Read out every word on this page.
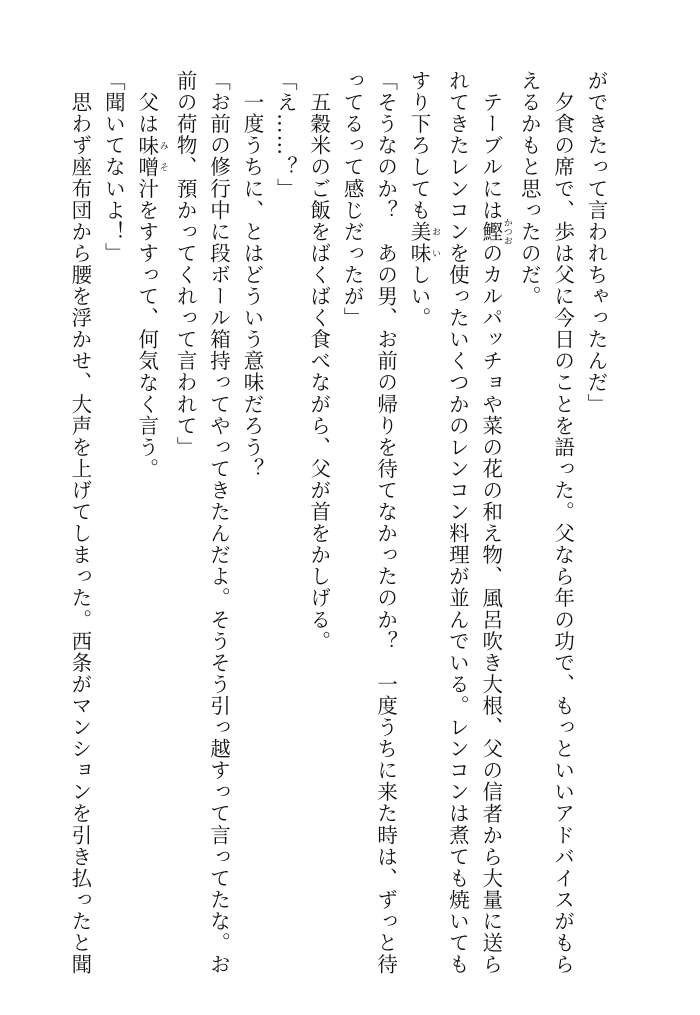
ができたって言われちゃったんだ」
　夕食の席で、歩は父に今日のことを語った。父なら年の功で、もっといいアドバイスがもら
えるかもと思ったのだ。
　テーブルには鰹 かつおのカルパッチョや菜の花の和え物、風呂吹き大根、父の信者から大量に送ら
れてきたレンコンを使ったいくつかのレンコン料理が並んでいる。レンコンは煮ても焼いても
すり下ろしても美味 おいしい。
「そうなのか？　あの男、お前の帰りを待てなかったのか？　一度うちに来た時は、ずっと待
ってるって感じだったが」
　五穀米のご飯をばくばく食べながら、父が首をかしげる。
「え……？」
　一度うちに、とはどういう意味だろう？
「お前の修行中に段ボール箱持ってやってきたんだよ。そうそう引っ越すって言ってたな。お
前の荷物、預かってくれって言われて」
　父は味噌 みそ汁をすすって、何気なく言う。
「聞いてないよ！」
　思わず座布団から腰を浮かせ、大声を上げてしまった。西条がマンションを引き払ったと聞
